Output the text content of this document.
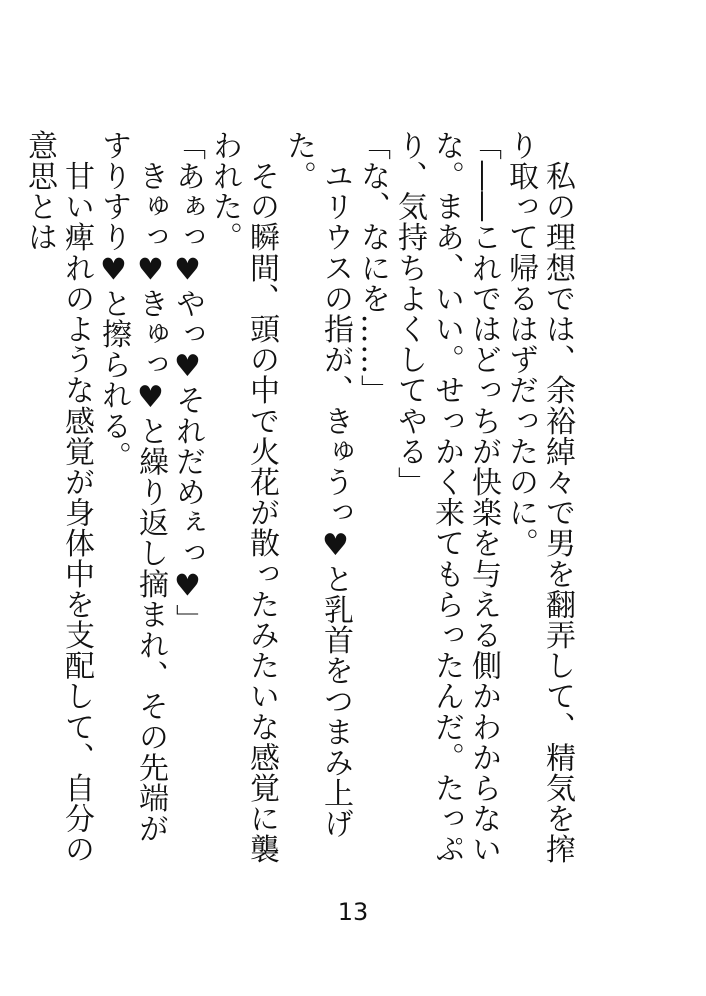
　私の理想では、余裕綽々で男を翻弄して、精気を搾り取って帰るはずだったのに。

「――これではどっちが快楽を与える側かわからないな。まあ、いい。せっかく来てもらったんだ。たっぷり、気持ちよくしてやる」

「な、なにを……」

　ユリウスの指が、きゅうっ♥と乳首をつまみ上げた。

　その瞬間、頭の中で火花が散ったみたいな感覚に襲われた。

「あぁっ♥やっ♥それだめぇっ♥」

　きゅっ♥きゅっ♥と繰り返し摘まれ、その先端がすりすり♥と擦られる。

　甘い痺れのような感覚が身体中を支配して、自分の意思とは

13
